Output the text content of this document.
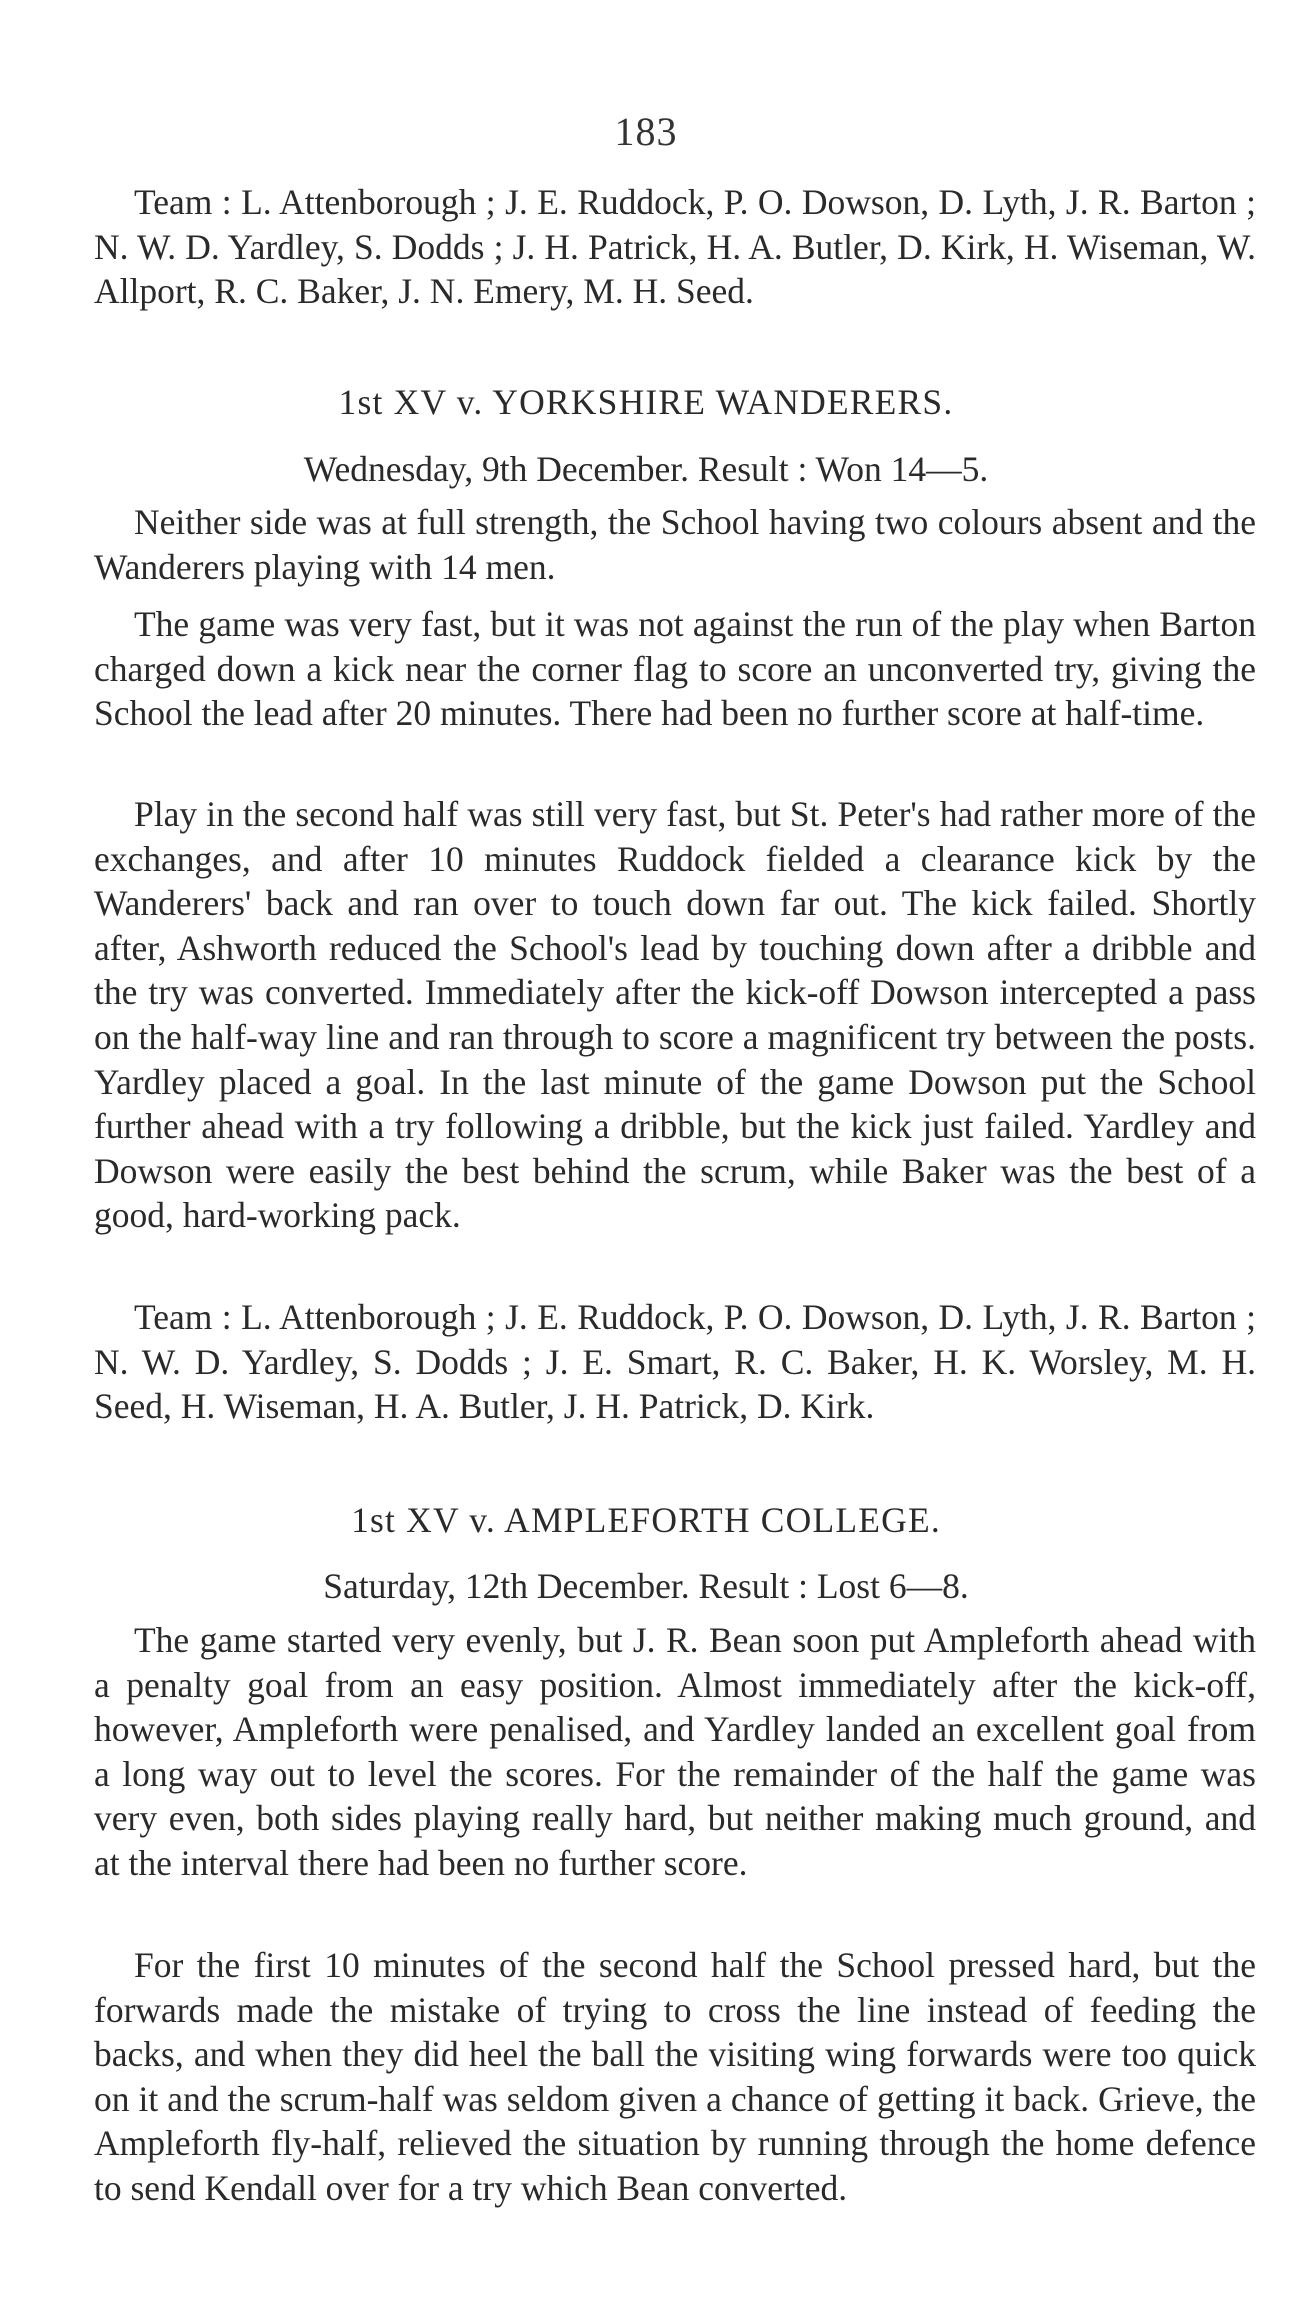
183

Team : L. Attenborough ; J. E. Ruddock, P. O. Dowson, D. Lyth, J. R. Barton ; N. W. D. Yardley, S. Dodds ; J. H. Patrick, H. A. Butler, D. Kirk, H. Wiseman, W. Allport, R. C. Baker, J. N. Emery, M. H. Seed.

1st XV v. YORKSHIRE WANDERERS.
Wednesday, 9th December. Result : Won 14—5.

Neither side was at full strength, the School having two colours absent and the Wanderers playing with 14 men.

The game was very fast, but it was not against the run of the play when Barton charged down a kick near the corner flag to score an unconverted try, giving the School the lead after 20 minutes. There had been no further score at half-time.

Play in the second half was still very fast, but St. Peter's had rather more of the exchanges, and after 10 minutes Ruddock fielded a clearance kick by the Wanderers' back and ran over to touch down far out. The kick failed. Shortly after, Ashworth reduced the School's lead by touching down after a dribble and the try was converted. Immediately after the kick-off Dowson intercepted a pass on the half-way line and ran through to score a magnificent try between the posts. Yardley placed a goal. In the last minute of the game Dowson put the School further ahead with a try following a dribble, but the kick just failed. Yardley and Dowson were easily the best behind the scrum, while Baker was the best of a good, hard-working pack.

Team : L. Attenborough ; J. E. Ruddock, P. O. Dowson, D. Lyth, J. R. Barton ; N. W. D. Yardley, S. Dodds ; J. E. Smart, R. C. Baker, H. K. Worsley, M. H. Seed, H. Wiseman, H. A. Butler, J. H. Patrick, D. Kirk.

1st XV v. AMPLEFORTH COLLEGE.
Saturday, 12th December. Result : Lost 6—8.

The game started very evenly, but J. R. Bean soon put Ampleforth ahead with a penalty goal from an easy position. Almost immediately after the kick-off, however, Ampleforth were penalised, and Yardley landed an excellent goal from a long way out to level the scores. For the remainder of the half the game was very even, both sides playing really hard, but neither making much ground, and at the interval there had been no further score.

For the first 10 minutes of the second half the School pressed hard, but the forwards made the mistake of trying to cross the line instead of feeding the backs, and when they did heel the ball the visiting wing forwards were too quick on it and the scrum-half was seldom given a chance of getting it back. Grieve, the Ampleforth fly-half, relieved the situation by running through the home defence to send Kendall over for a try which Bean converted.
